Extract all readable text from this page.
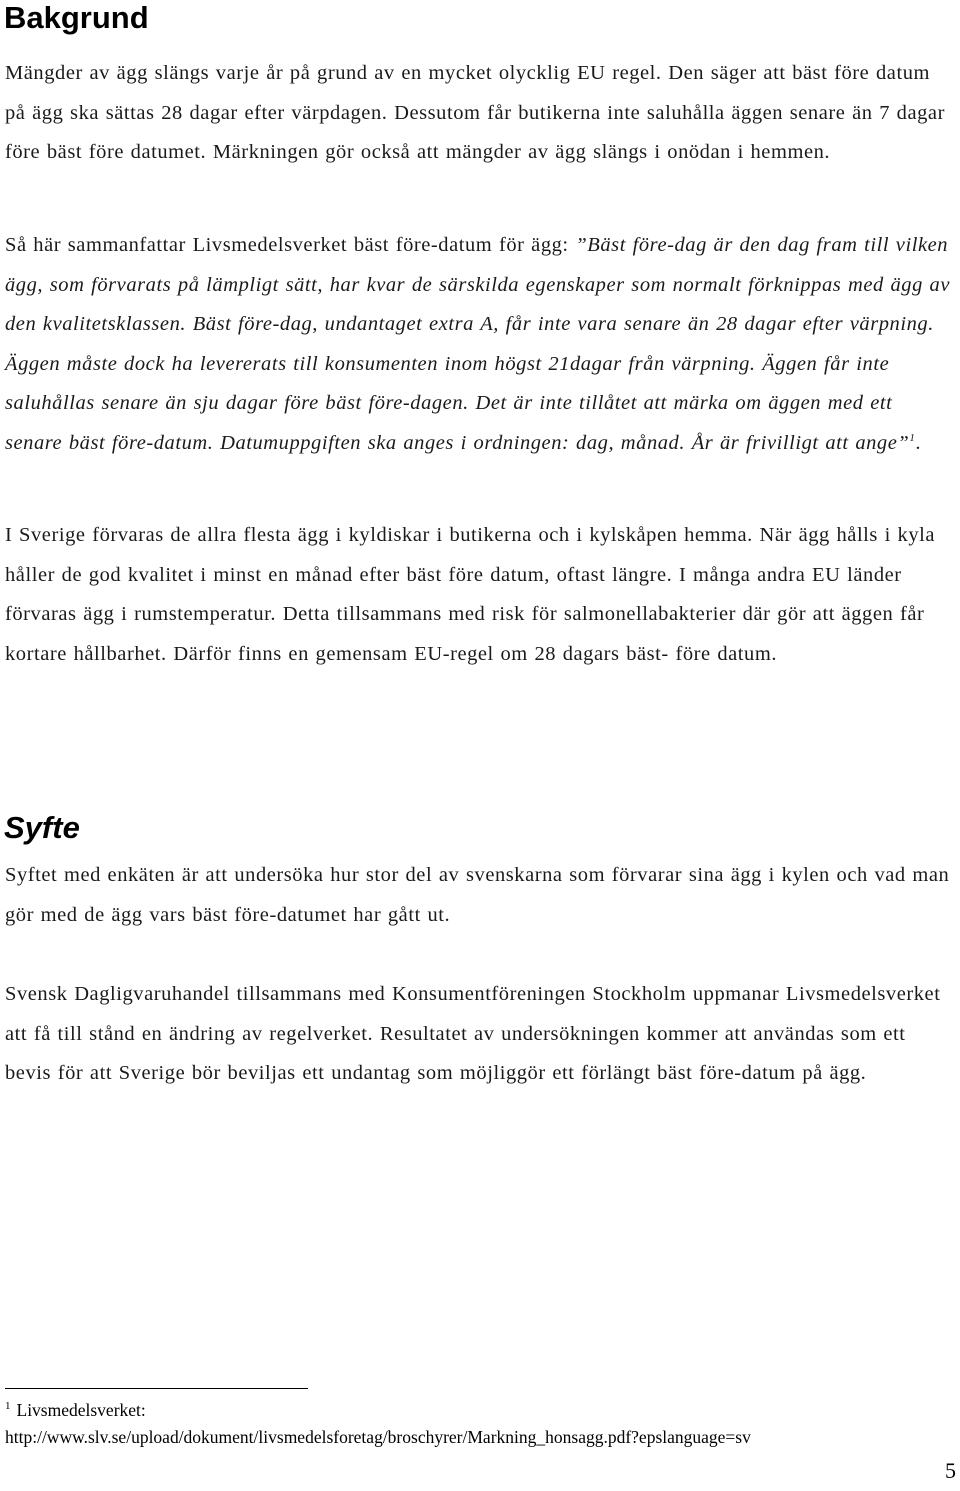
Bakgrund

Mängder av ägg slängs varje år på grund av en mycket olycklig EU regel. Den säger att bäst före datum på ägg ska sättas 28 dagar efter värpdagen. Dessutom får butikerna inte saluhålla äggen senare än 7 dagar före bäst före datumet. Märkningen gör också att mängder av ägg slängs i onödan i hemmen.

Så här sammanfattar Livsmedelsverket bäst före-datum för ägg: ”Bäst före-dag är den dag fram till vilken ägg, som förvarats på lämpligt sätt, har kvar de särskilda egenskaper som normalt förknippas med ägg av den kvalitetsklassen. Bäst före-dag, undantaget extra A, får inte vara senare än 28 dagar efter värpning. Äggen måste dock ha levererats till konsumenten inom högst 21dagar från värpning. Äggen får inte saluhållas senare än sju dagar före bäst före-dagen. Det är inte tillåtet att märka om äggen med ett senare bäst före-datum. Datumuppgiften ska anges i ordningen: dag, månad. År är frivilligt att ange”$^1$.

I Sverige förvaras de allra flesta ägg i kyldiskar i butikerna och i kylskåpen hemma. När ägg hålls i kyla håller de god kvalitet i minst en månad efter bäst före datum, oftast längre. I många andra EU länder förvaras ägg i rumstemperatur. Detta tillsammans med risk för salmonellabakterier där gör att äggen får kortare hållbarhet. Därför finns en gemensam EU-regel om 28 dagars bäst- före datum.

Syfte

Syftet med enkäten är att undersöka hur stor del av svenskarna som förvarar sina ägg i kylen och vad man gör med de ägg vars bäst före-datumet har gått ut.

Svensk Dagligvaruhandel tillsammans med Konsumentföreningen Stockholm uppmanar Livsmedelsverket att få till stånd en ändring av regelverket. Resultatet av undersökningen kommer att användas som ett bevis för att Sverige bör beviljas ett undantag som möjliggör ett förlängt bäst före-datum på ägg.

$^1$ Livsmedelsverket:
http://www.slv.se/upload/dokument/livsmedelsforetag/broschyrer/Markning_honsagg.pdf?epslanguage=sv
5
